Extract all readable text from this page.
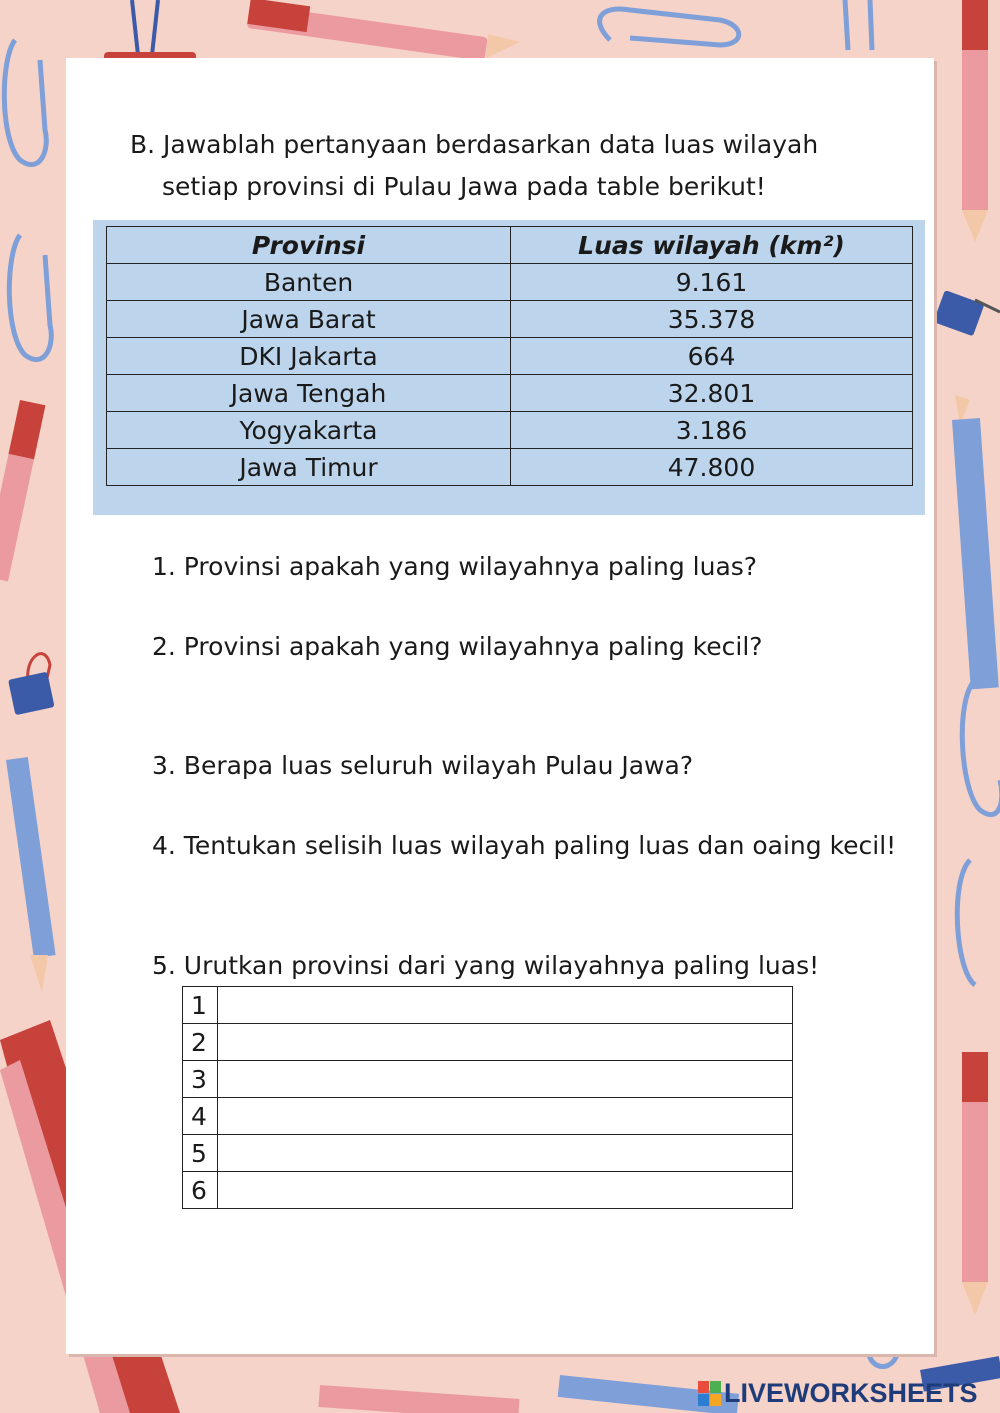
B. Jawablah pertanyaan berdasarkan data luas wilayah
setiap provinsi di Pulau Jawa pada table berikut!
Provinsi	Luas wilayah (km²)
Banten	9.161
Jawa Barat	35.378
DKI Jakarta	664
Jawa Tengah	32.801
Yogyakarta	3.186
Jawa Timur	47.800
1. Provinsi apakah yang wilayahnya paling luas?
2. Provinsi apakah yang wilayahnya paling kecil?
3. Berapa luas seluruh wilayah Pulau Jawa?
4. Tentukan selisih luas wilayah paling luas dan oaing kecil!
5. Urutkan provinsi dari yang wilayahnya paling luas!
1	
2	
3	
4	
5	
6	
LIVEWORKSHEETS
